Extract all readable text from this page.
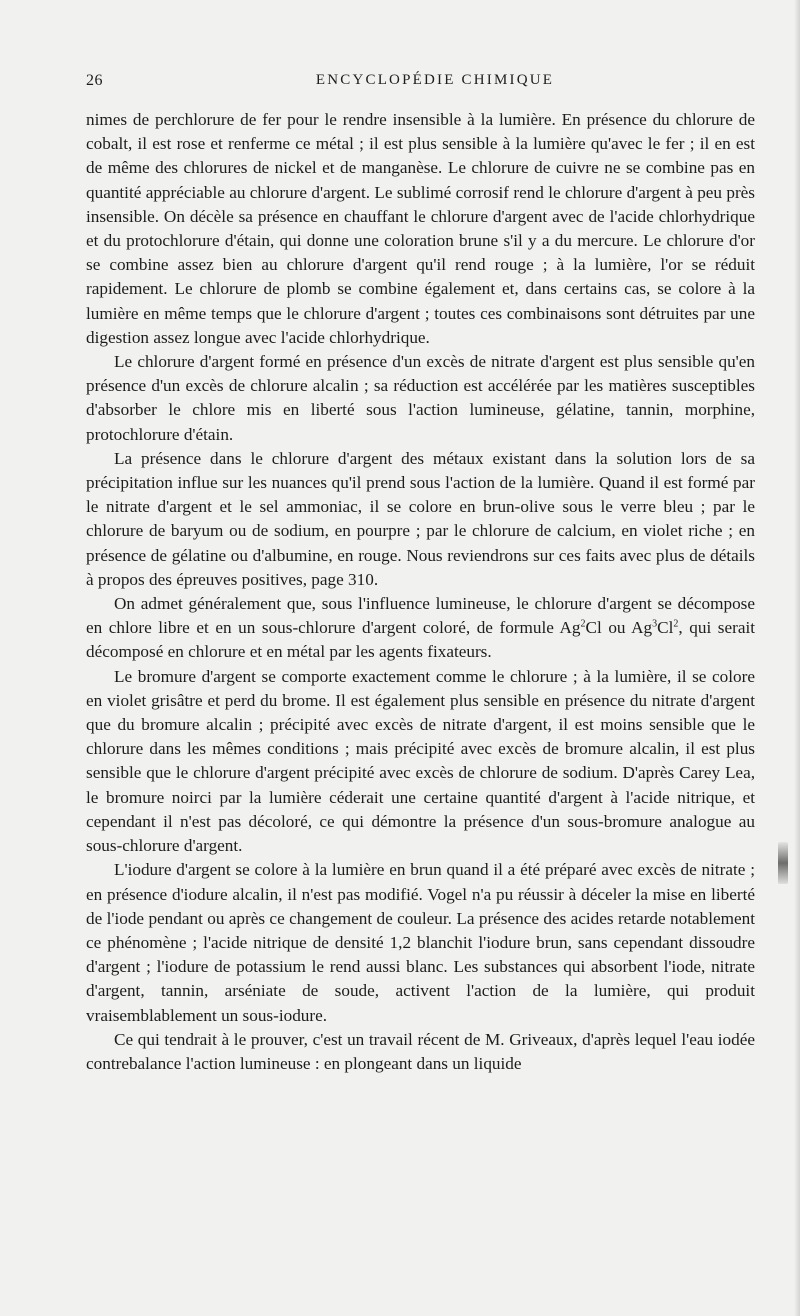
26	ENCYCLOPÉDIE CHIMIQUE

nimes de perchlorure de fer pour le rendre insensible à la lumière. En présence du chlorure de cobalt, il est rose et renferme ce métal ; il est plus sensible à la lumière qu'avec le fer ; il en est de même des chlorures de nickel et de manganèse. Le chlorure de cuivre ne se combine pas en quantité appréciable au chlorure d'argent. Le sublimé corrosif rend le chlorure d'argent à peu près insensible. On décèle sa présence en chauffant le chlorure d'argent avec de l'acide chlorhydrique et du protochlorure d'étain, qui donne une coloration brune s'il y a du mercure. Le chlorure d'or se combine assez bien au chlorure d'argent qu'il rend rouge ; à la lumière, l'or se réduit rapidement. Le chlorure de plomb se combine également et, dans certains cas, se colore à la lumière en même temps que le chlorure d'argent ; toutes ces combinaisons sont détruites par une digestion assez longue avec l'acide chlorhydrique.

Le chlorure d'argent formé en présence d'un excès de nitrate d'argent est plus sensible qu'en présence d'un excès de chlorure alcalin ; sa réduction est accélérée par les matières susceptibles d'absorber le chlore mis en liberté sous l'action lumineuse, gélatine, tannin, morphine, protochlorure d'étain.

La présence dans le chlorure d'argent des métaux existant dans la solution lors de sa précipitation influe sur les nuances qu'il prend sous l'action de la lumière. Quand il est formé par le nitrate d'argent et le sel ammoniac, il se colore en brun-olive sous le verre bleu ; par le chlorure de baryum ou de sodium, en pourpre ; par le chlorure de calcium, en violet riche ; en présence de gélatine ou d'albumine, en rouge. Nous reviendrons sur ces faits avec plus de détails à propos des épreuves positives, page 310.

On admet généralement que, sous l'influence lumineuse, le chlorure d'argent se décompose en chlore libre et en un sous-chlorure d'argent coloré, de formule Ag$^2$Cl ou Ag$^3$Cl$^2$, qui serait décomposé en chlorure et en métal par les agents fixateurs.

Le bromure d'argent se comporte exactement comme le chlorure ; à la lumière, il se colore en violet grisâtre et perd du brome. Il est également plus sensible en présence du nitrate d'argent que du bromure alcalin ; précipité avec excès de nitrate d'argent, il est moins sensible que le chlorure dans les mêmes conditions ; mais précipité avec excès de bromure alcalin, il est plus sensible que le chlorure d'argent précipité avec excès de chlorure de sodium. D'après Carey Lea, le bromure noirci par la lumière céderait une certaine quantité d'argent à l'acide nitrique, et cependant il n'est pas décoloré, ce qui démontre la présence d'un sous-bromure analogue au sous-chlorure d'argent.

L'iodure d'argent se colore à la lumière en brun quand il a été préparé avec excès de nitrate ; en présence d'iodure alcalin, il n'est pas modifié. Vogel n'a pu réussir à déceler la mise en liberté de l'iode pendant ou après ce changement de couleur. La présence des acides retarde notablement ce phénomène ; l'acide nitrique de densité 1,2 blanchit l'iodure brun, sans cependant dissoudre d'argent ; l'iodure de potassium le rend aussi blanc. Les substances qui absorbent l'iode, nitrate d'argent, tannin, arséniate de soude, activent l'action de la lumière, qui produit vraisemblablement un sous-iodure.

Ce qui tendrait à le prouver, c'est un travail récent de M. Griveaux, d'après lequel l'eau iodée contrebalance l'action lumineuse : en plongeant dans un liquide
